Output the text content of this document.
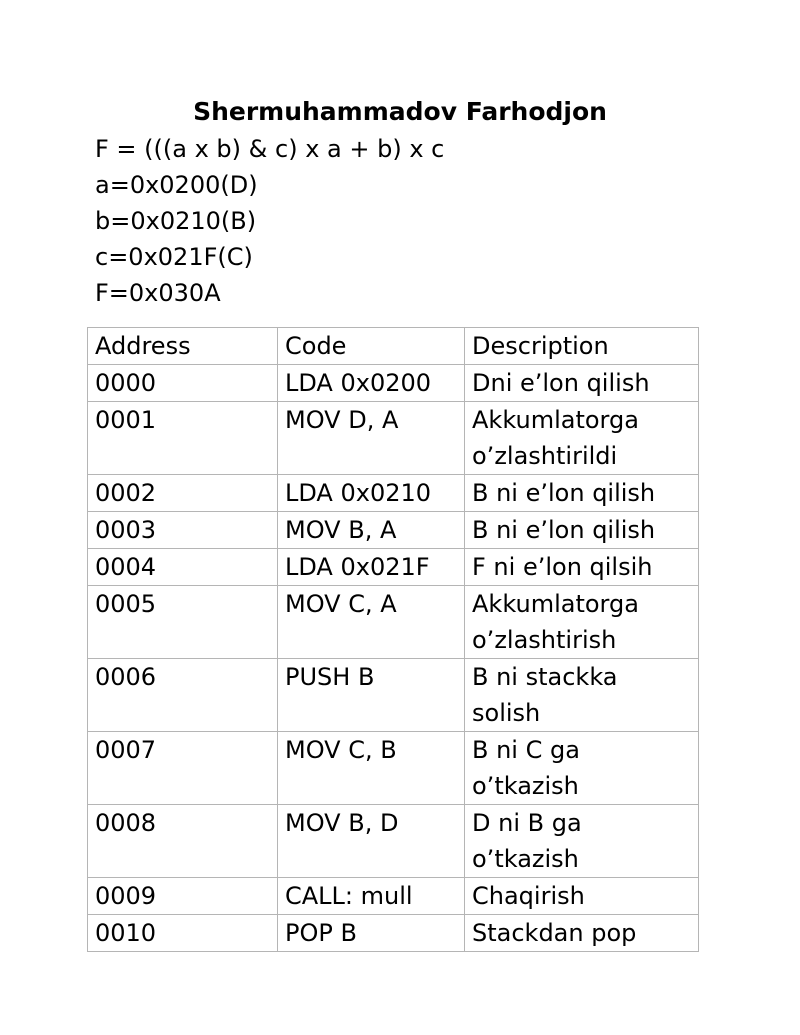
Shermuhammadov Farhodjon
F = (((a x b) & c) x a + b) x c
a=0x0200(D)
b=0x0210(B)
c=0x021F(C)
F=0x030A
Address	Code	Description
0000	LDA 0x0200	Dni e’lon qilish

0001	MOV D, A	Akkumlatorga
o’zlashtirildi

0002	LDA 0x0210	B ni e’lon qilish

0003	MOV B, A	B ni e’lon qilish

0004	LDA 0x021F	F ni e’lon qilsih

0005	MOV C, A	Akkumlatorga
o’zlashtirish

0006	PUSH B	B ni stackka
solish

0007	MOV C, B	B ni C ga
o’tkazish

0008	MOV B, D	D ni B ga
o’tkazish

0009	CALL: mull	Chaqirish

0010	POP B	Stackdan pop
